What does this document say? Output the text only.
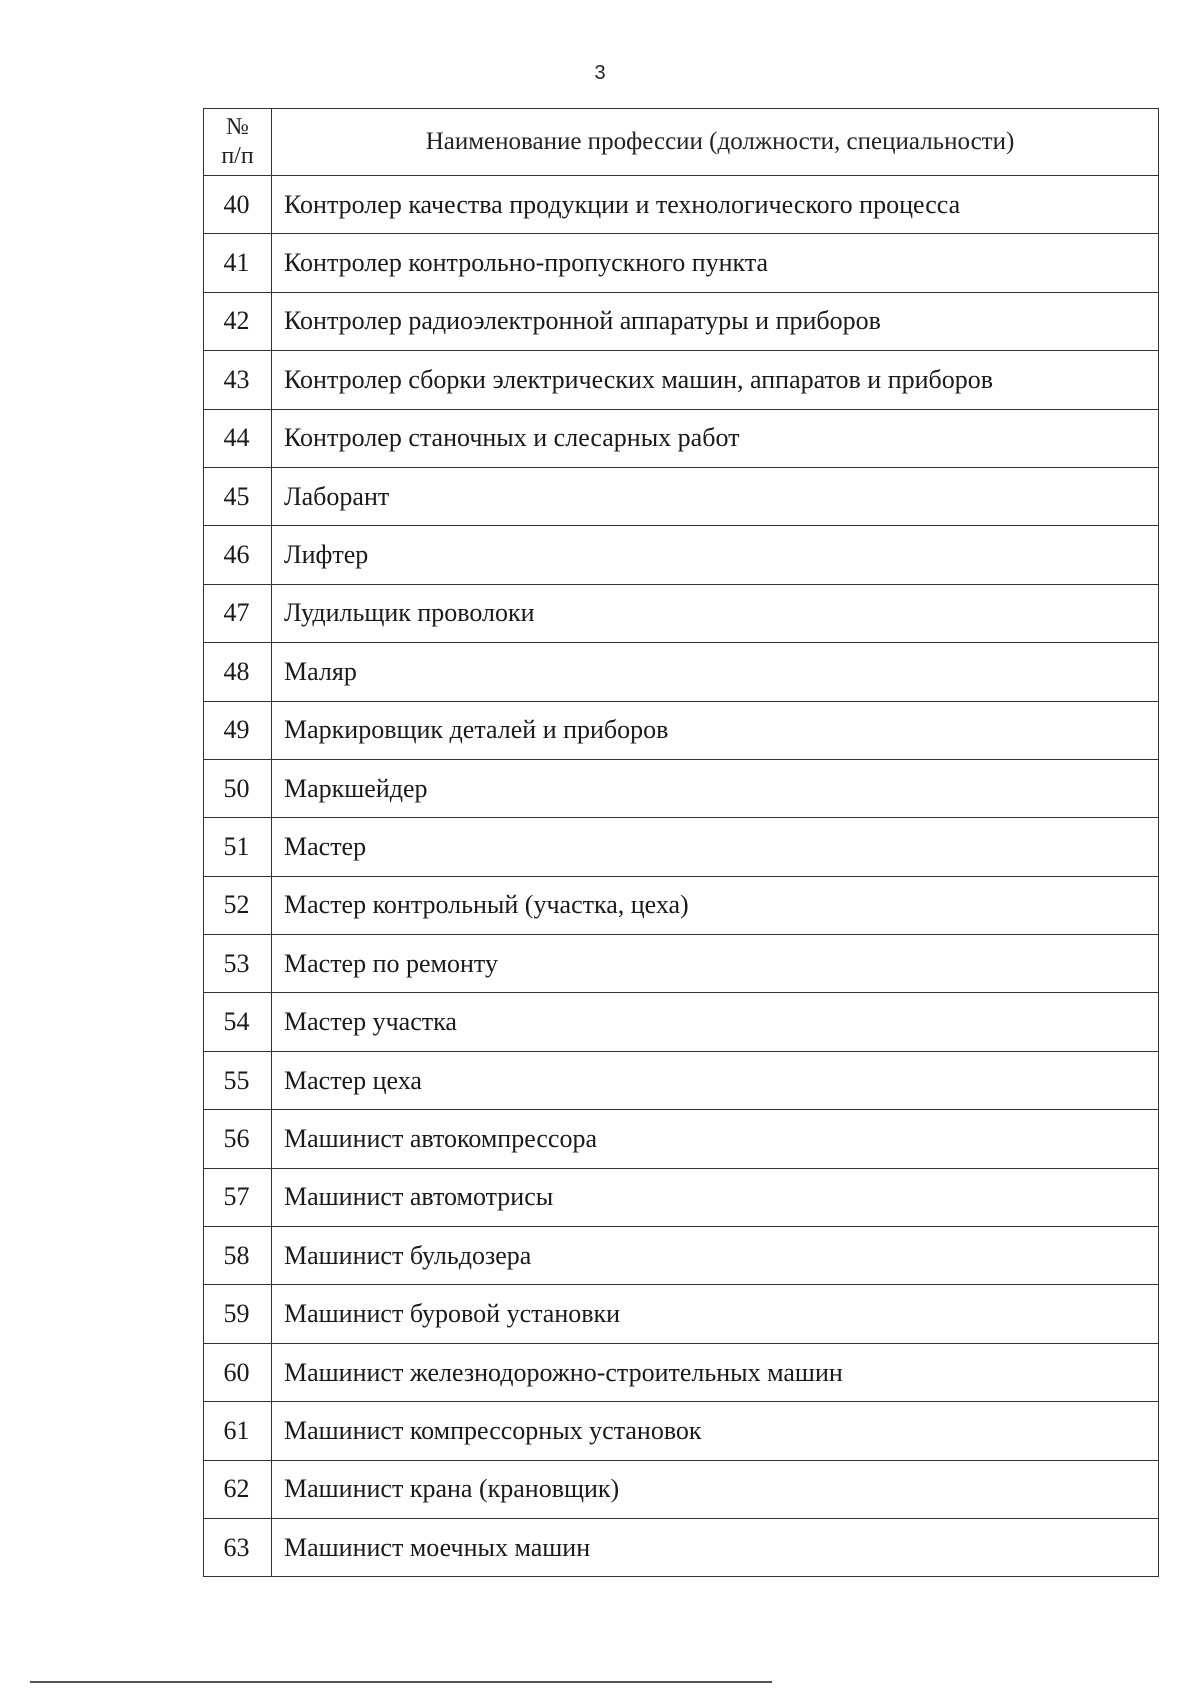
3
№
п/п	Наименование профессии (должности, специальности)
40	Контролер качества продукции и технологического процесса
41	Контролер контрольно-пропускного пункта
42	Контролер радиоэлектронной аппаратуры и приборов
43	Контролер сборки электрических машин, аппаратов и приборов
44	Контролер станочных и слесарных работ
45	Лаборант
46	Лифтер
47	Лудильщик проволоки
48	Маляр
49	Маркировщик деталей и приборов
50	Маркшейдер
51	Мастер
52	Мастер контрольный (участка, цеха)
53	Мастер по ремонту
54	Мастер участка
55	Мастер цеха
56	Машинист автокомпрессора
57	Машинист автомотрисы
58	Машинист бульдозера
59	Машинист буровой установки
60	Машинист железнодорожно-строительных машин
61	Машинист компрессорных установок
62	Машинист крана (крановщик)
63	Машинист моечных машин
